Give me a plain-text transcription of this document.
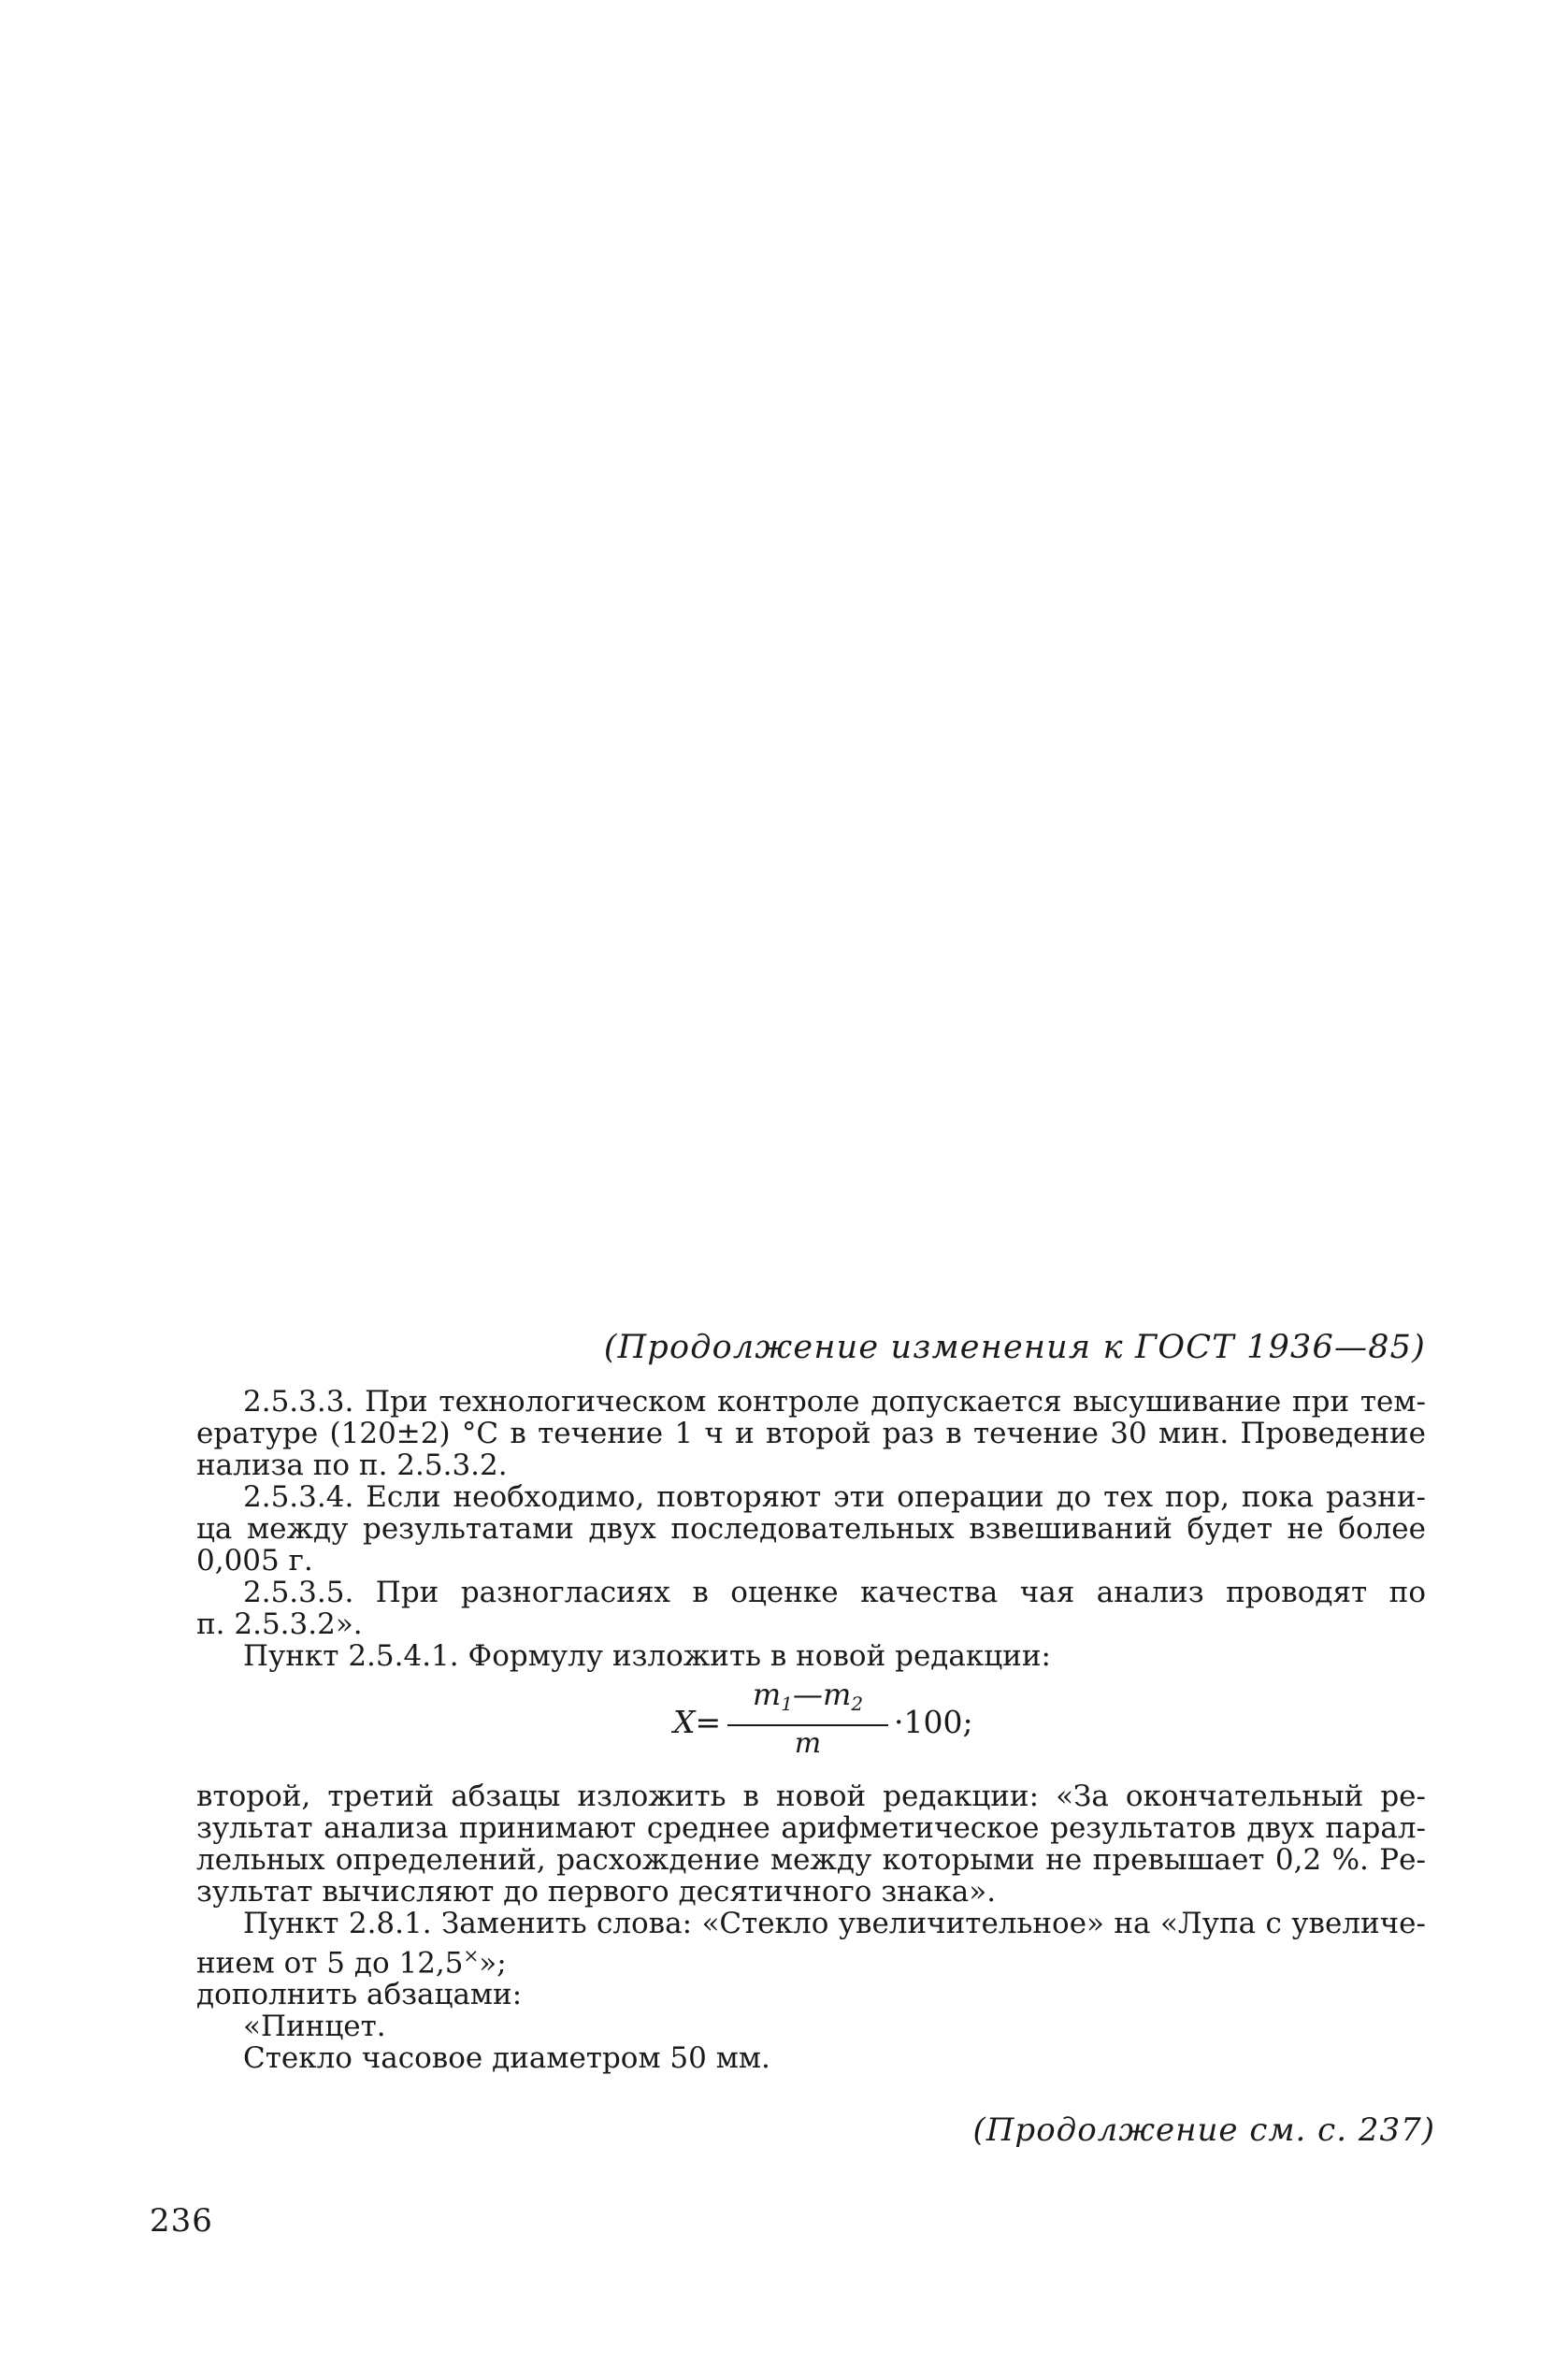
(Продолжение изменения к ГОСТ 1936—85)
2.5.3.3. При технологическом контроле допускается высушивание при тем-
ературе (120±2) °С в течение 1 ч и второй раз в течение 30 мин. Проведение
нализа по п. 2.5.3.2.
2.5.3.4. Если необходимо, повторяют эти операции до тех пор, пока разни-
ца между результатами двух последовательных взвешиваний будет не более
0,005 г.
2.5.3.5. При разногласиях в оценке качества чая анализ проводят по
п. 2.5.3.2».
Пункт 2.5.4.1. Формулу изложить в новой редакции:
X=
$m_1—m_2$
m
·100;
второй, третий абзацы изложить в новой редакции: «За окончательный ре-
зультат анализа принимают среднее арифметическое результатов двух парал-
лельных определений, расхождение между которыми не превышает 0,2 %. Ре-
зультат вычисляют до первого десятичного знака».
Пункт 2.8.1. Заменить слова: «Стекло увеличительное» на «Лупа с увеличе-
нием от 5 до 12,5×»;
дополнить абзацами:
«Пинцет.
Стекло часовое диаметром 50 мм.
(Продолжение см. с. 237)
236
